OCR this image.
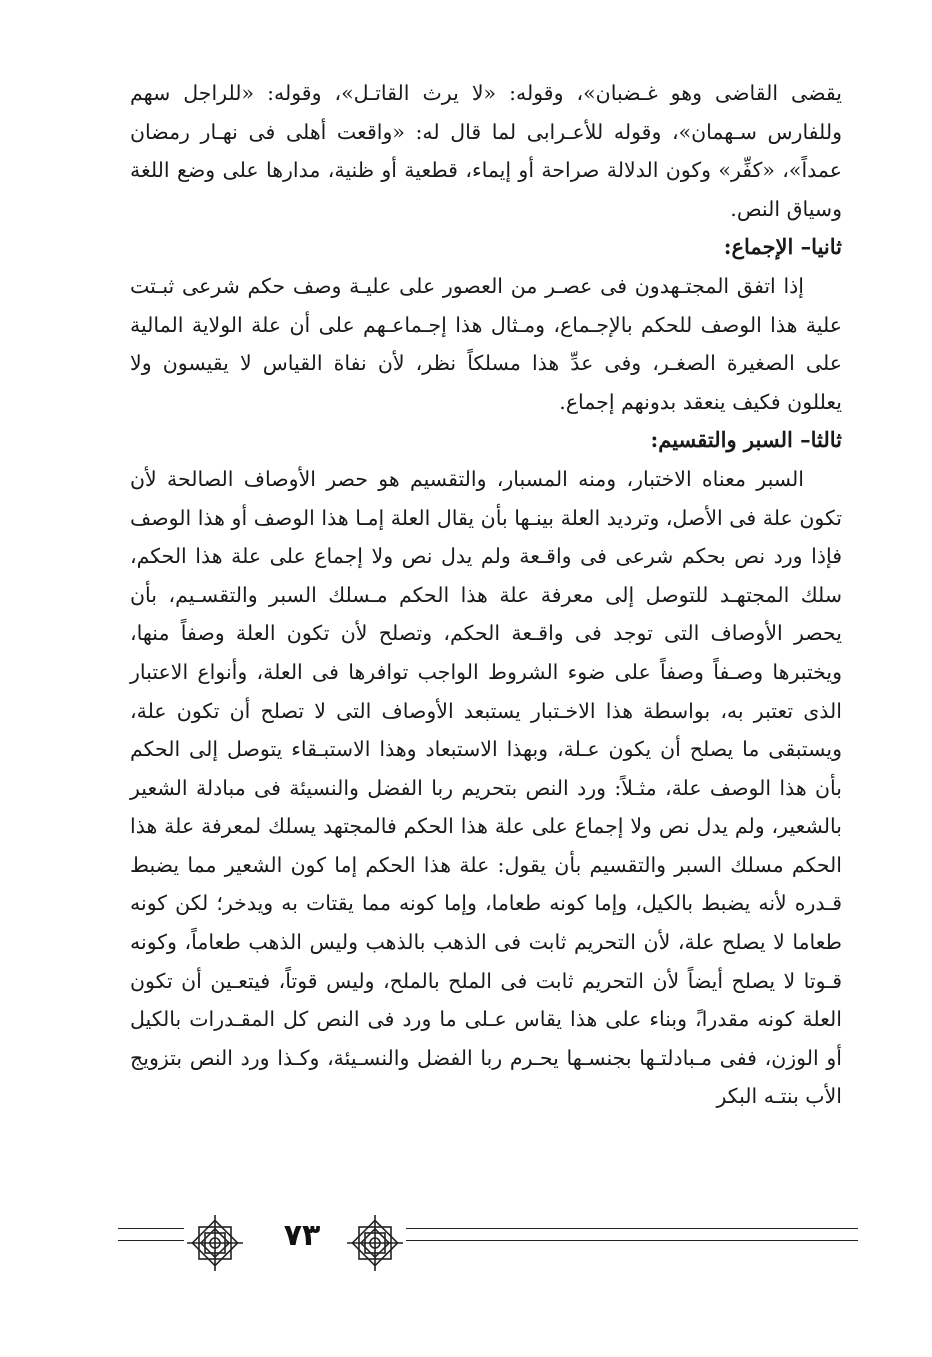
يقضى القاضى وهو غـضبان»، وقوله: «لا يرث القاتـل»، وقوله: «للراجل سهم وللفارس سـهمان»، وقوله للأعـرابى لما قال له: «واقعت أهلى فى نهـار رمضان عمداً»، «كفِّر» وكون الدلالة صراحة أو إيماء، قطعية أو ظنية، مدارها على وضع اللغة وسياق النص.

ثانيا– الإجماع:

إذا اتفق المجتـهدون فى عصـر من العصور على عليـة وصف حكم شرعى ثبـتت علية هذا الوصف للحكم بالإجـماع، ومـثال هذا إجـماعـهم على أن علة الولاية المالية على الصغيرة الصغـر، وفى عدِّ هذا مسلكاً نظر، لأن نفاة القياس لا يقيسون ولا يعللون فكيف ينعقد بدونهم إجماع.

ثالثا– السبر والتقسيم:

السبر معناه الاختبار، ومنه المسبار، والتقسيم هو حصر الأوصاف الصالحة لأن تكون علة فى الأصل، وترديد العلة بينـها بأن يقال العلة إمـا هذا الوصف أو هذا الوصف فإذا ورد نص بحكم شرعى فى واقـعة ولم يدل نص ولا إجماع على علة هذا الحكم، سلك المجتهـد للتوصل إلى معرفة علة هذا الحكم مـسلك السبر والتقسـيم، بأن يحصر الأوصاف التى توجد فى واقـعة الحكم، وتصلح لأن تكون العلة وصفاً منها، ويختبرها وصـفاً وصفاً على ضوء الشروط الواجب توافرها فى العلة، وأنواع الاعتبار الذى تعتبر به، بواسطة هذا الاخـتبار يستبعد الأوصاف التى لا تصلح أن تكون علة، ويستبقى ما يصلح أن يكون عـلة، وبهذا الاستبعاد وهذا الاستبـقاء يتوصل إلى الحكم بأن هذا الوصف علة، مثـلاً: ورد النص بتحريم ربا الفضل والنسيئة فى مبادلة الشعير بالشعير، ولم يدل نص ولا إجماع على علة هذا الحكم فالمجتهد يسلك لمعرفة علة هذا الحكم مسلك السبر والتقسيم بأن يقول: علة هذا الحكم إما كون الشعير مما يضبط قـدره لأنه يضبط بالكيل، وإما كونه طعاما، وإما كونه مما يقتات به ويدخر؛ لكن كونه طعاما لا يصلح علة، لأن التحريم ثابت فى الذهب بالذهب وليس الذهب طعاماً، وكونه قـوتا لا يصلح أيضاً لأن التحريم ثابت فى الملح بالملح، وليس قوتاً، فيتعـين أن تكون العلة كونه مقدرا،ً وبناء على هذا يقاس عـلى ما ورد فى النص كل المقـدرات بالكيل أو الوزن، ففى مـبادلتـها بجنسـها يحـرم ربا الفضل والنسـيئة، وكـذا ورد النص بتزويج الأب بنتـه البكر

٧٣
